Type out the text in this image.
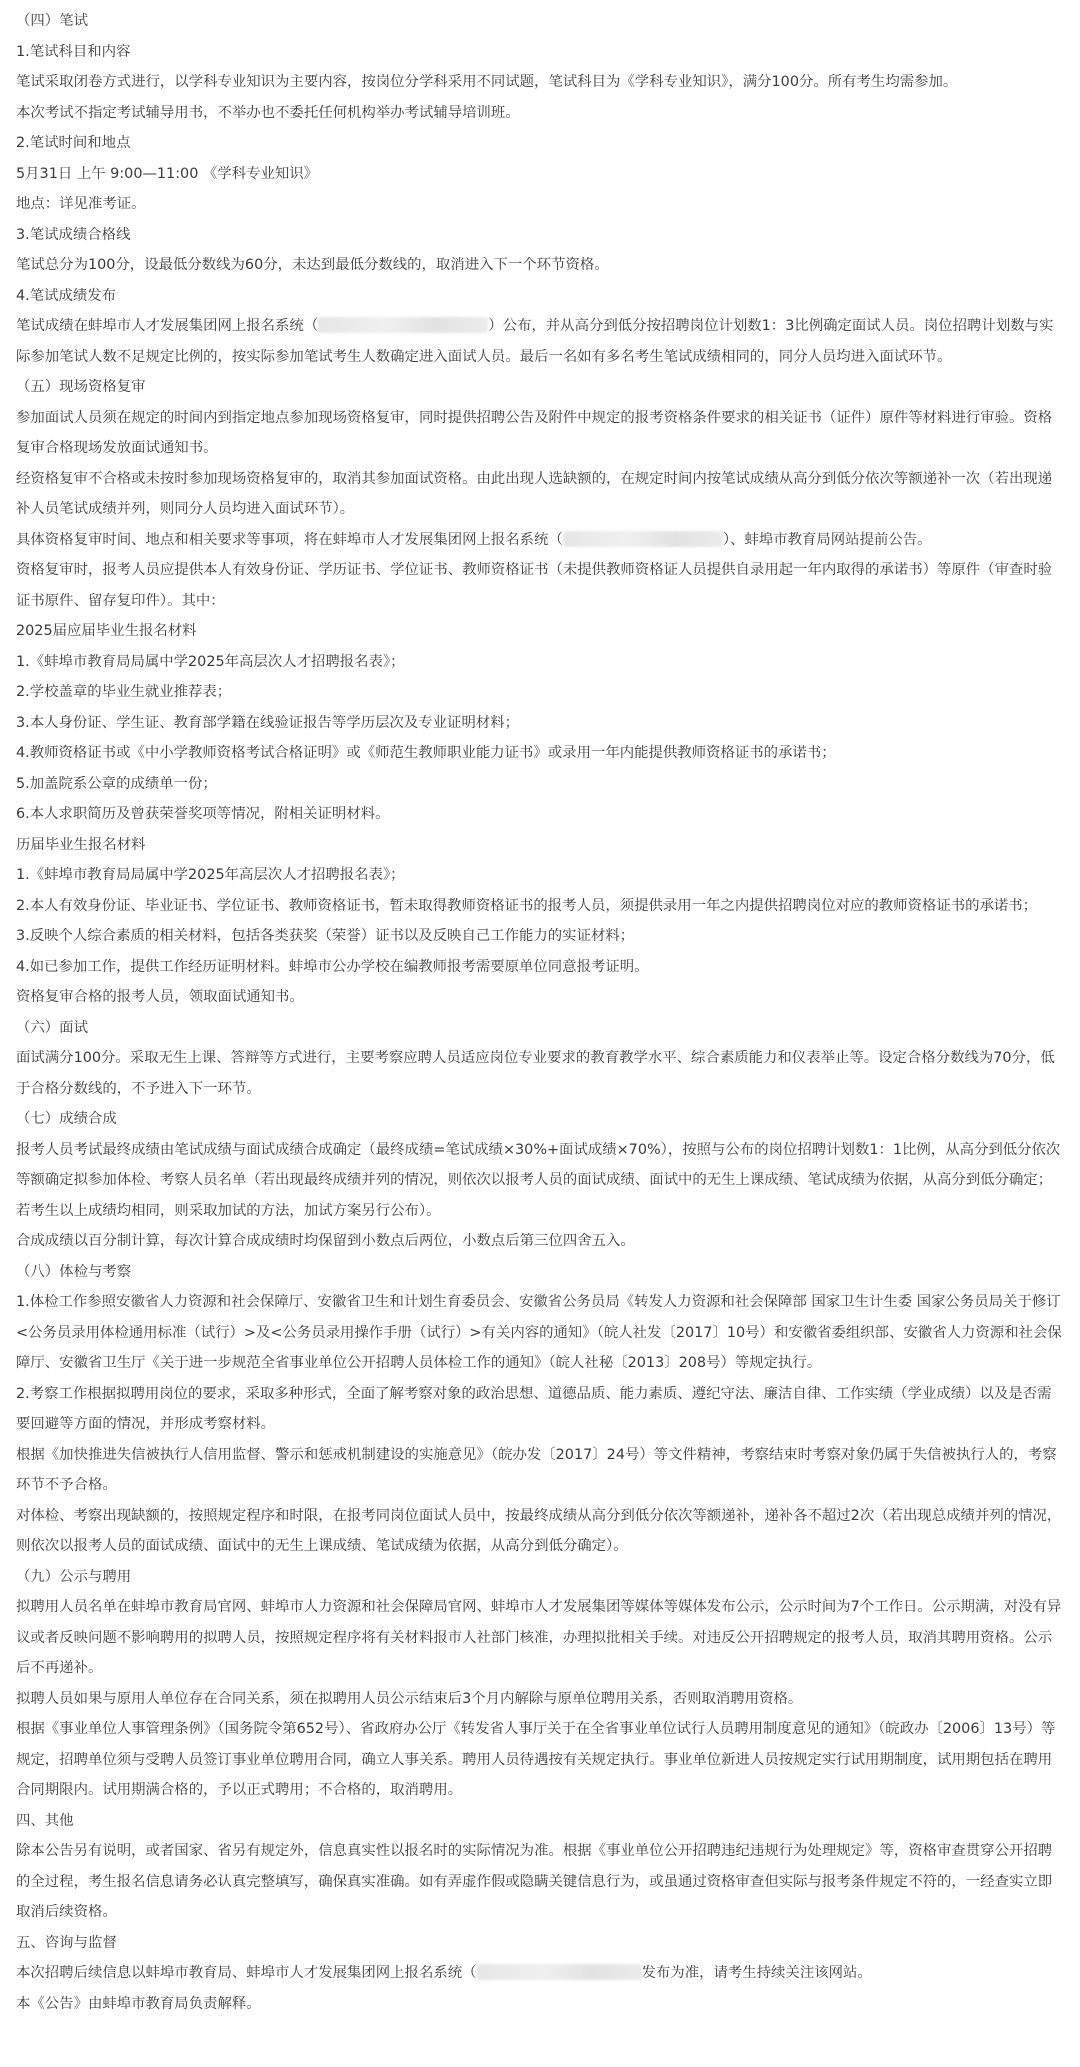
（四）笔试

1.笔试科目和内容

笔试采取闭卷方式进行，以学科专业知识为主要内容，按岗位分学科采用不同试题，笔试科目为《学科专业知识》，满分100分。所有考生均需参加。

本次考试不指定考试辅导用书，不举办也不委托任何机构举办考试辅导培训班。

2.笔试时间和地点

5月31日 上午 9:00—11:00 《学科专业知识》

地点：详见准考证。

3.笔试成绩合格线

笔试总分为100分，设最低分数线为60分，未达到最低分数线的，取消进入下一个环节资格。

4.笔试成绩发布

笔试成绩在蚌埠市人才发展集团网上报名系统（	）公布，并从高分到低分按招聘岗位计划数1：3比例确定面试人员。岗位招聘计划数与实际参加笔试人数不足规定比例的，按实际参加笔试考生人数确定进入面试人员。最后一名如有多名考生笔试成绩相同的，同分人员均进入面试环节。

（五）现场资格复审

参加面试人员须在规定的时间内到指定地点参加现场资格复审，同时提供招聘公告及附件中规定的报考资格条件要求的相关证书（证件）原件等材料进行审验。资格复审合格现场发放面试通知书。

经资格复审不合格或未按时参加现场资格复审的，取消其参加面试资格。由此出现人选缺额的，在规定时间内按笔试成绩从高分到低分依次等额递补一次（若出现递补人员笔试成绩并列，则同分人员均进入面试环节）。

具体资格复审时间、地点和相关要求等事项，将在蚌埠市人才发展集团网上报名系统（	）、蚌埠市教育局网站提前公告。

资格复审时，报考人员应提供本人有效身份证、学历证书、学位证书、教师资格证书（未提供教师资格证人员提供自录用起一年内取得的承诺书）等原件（审查时验证书原件、留存复印件）。其中：

2025届应届毕业生报名材料

1.《蚌埠市教育局局属中学2025年高层次人才招聘报名表》；

2.学校盖章的毕业生就业推荐表；

3.本人身份证、学生证、教育部学籍在线验证报告等学历层次及专业证明材料；

4.教师资格证书或《中小学教师资格考试合格证明》或《师范生教师职业能力证书》或录用一年内能提供教师资格证书的承诺书；

5.加盖院系公章的成绩单一份；

6.本人求职简历及曾获荣誉奖项等情况，附相关证明材料。

历届毕业生报名材料

1.《蚌埠市教育局局属中学2025年高层次人才招聘报名表》；

2.本人有效身份证、毕业证书、学位证书、教师资格证书，暂未取得教师资格证书的报考人员，须提供录用一年之内提供招聘岗位对应的教师资格证书的承诺书；

3.反映个人综合素质的相关材料，包括各类获奖（荣誉）证书以及反映自己工作能力的实证材料；

4.如已参加工作，提供工作经历证明材料。蚌埠市公办学校在编教师报考需要原单位同意报考证明。

资格复审合格的报考人员，领取面试通知书。

（六）面试

面试满分100分。采取无生上课、答辩等方式进行，主要考察应聘人员适应岗位专业要求的教育教学水平、综合素质能力和仪表举止等。设定合格分数线为70分，低于合格分数线的，不予进入下一环节。

（七）成绩合成

报考人员考试最终成绩由笔试成绩与面试成绩合成确定（最终成绩=笔试成绩×30%+面试成绩×70%），按照与公布的岗位招聘计划数1：1比例，从高分到低分依次等额确定拟参加体检、考察人员名单（若出现最终成绩并列的情况，则依次以报考人员的面试成绩、面试中的无生上课成绩、笔试成绩为依据，从高分到低分确定；若考生以上成绩均相同，则采取加试的方法，加试方案另行公布）。

合成成绩以百分制计算，每次计算合成成绩时均保留到小数点后两位，小数点后第三位四舍五入。

（八）体检与考察

1.体检工作参照安徽省人力资源和社会保障厅、安徽省卫生和计划生育委员会、安徽省公务员局《转发人力资源和社会保障部 国家卫生计生委 国家公务员局关于修订<公务员录用体检通用标准（试行）>及<公务员录用操作手册（试行）>有关内容的通知》（皖人社发〔2017〕10号）和安徽省委组织部、安徽省人力资源和社会保障厅、安徽省卫生厅《关于进一步规范全省事业单位公开招聘人员体检工作的通知》（皖人社秘〔2013〕208号）等规定执行。

2.考察工作根据拟聘用岗位的要求，采取多种形式，全面了解考察对象的政治思想、道德品质、能力素质、遵纪守法、廉洁自律、工作实绩（学业成绩）以及是否需要回避等方面的情况，并形成考察材料。

根据《加快推进失信被执行人信用监督、警示和惩戒机制建设的实施意见》（皖办发〔2017〕24号）等文件精神，考察结束时考察对象仍属于失信被执行人的，考察环节不予合格。

对体检、考察出现缺额的，按照规定程序和时限，在报考同岗位面试人员中，按最终成绩从高分到低分依次等额递补，递补各不超过2次（若出现总成绩并列的情况，则依次以报考人员的面试成绩、面试中的无生上课成绩、笔试成绩为依据，从高分到低分确定）。

（九）公示与聘用

拟聘用人员名单在蚌埠市教育局官网、蚌埠市人力资源和社会保障局官网、蚌埠市人才发展集团等媒体等媒体发布公示，公示时间为7个工作日。公示期满，对没有异议或者反映问题不影响聘用的拟聘人员，按照规定程序将有关材料报市人社部门核准，办理拟批相关手续。对违反公开招聘规定的报考人员，取消其聘用资格。公示后不再递补。

拟聘人员如果与原用人单位存在合同关系，须在拟聘用人员公示结束后3个月内解除与原单位聘用关系，否则取消聘用资格。

根据《事业单位人事管理条例》（国务院令第652号）、省政府办公厅《转发省人事厅关于在全省事业单位试行人员聘用制度意见的通知》（皖政办〔2006〕13号）等规定，招聘单位须与受聘人员签订事业单位聘用合同，确立人事关系。聘用人员待遇按有关规定执行。事业单位新进人员按规定实行试用期制度，试用期包括在聘用合同期限内。试用期满合格的，予以正式聘用；不合格的，取消聘用。

四、其他

除本公告另有说明，或者国家、省另有规定外，信息真实性以报名时的实际情况为准。根据《事业单位公开招聘违纪违规行为处理规定》等，资格审查贯穿公开招聘的全过程，考生报名信息请务必认真完整填写，确保真实准确。如有弄虚作假或隐瞒关键信息行为，或虽通过资格审查但实际与报考条件规定不符的，一经查实立即取消后续资格。

五、咨询与监督

本次招聘后续信息以蚌埠市教育局、蚌埠市人才发展集团网上报名系统（	发布为准，请考生持续关注该网站。

本《公告》由蚌埠市教育局负责解释。
